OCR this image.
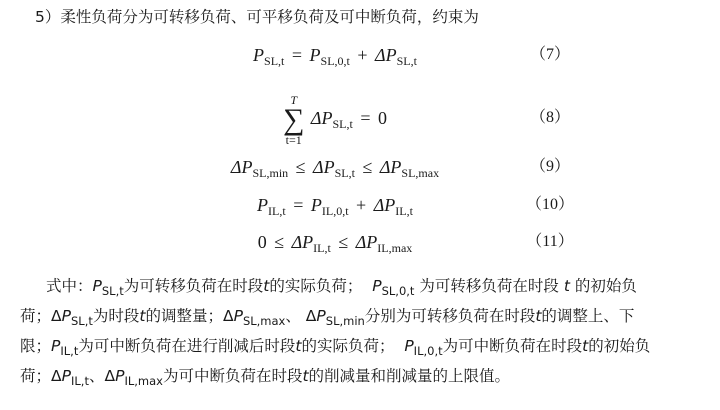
5）柔性负荷分为可转移负荷、可平移负荷及可中断负荷，约束为
$P_{SL,t} = P_{SL,0,t} + \Delta P_{SL,t}$	（7）
T
∑
t=1
$\Delta P_{SL,t} = 0$	（8）
$\Delta P_{SL,min} \le \Delta P_{SL,t} \le \Delta P_{SL,max}$	（9）
$P_{IL,t} = P_{IL,0,t} + \Delta P_{IL,t}$	（10）
$0 \le \Delta P_{IL,t} \le \Delta P_{IL,max}$	（11）

式中：$P_{SL,t}$为可转移负荷在时段t的实际负荷； $P_{SL,0,t}$ 为可转移负荷在时段 t 的初始负

荷；$\Delta P_{SL,t}$为时段t的调整量；$\Delta P_{SL,max}$、 $\Delta P_{SL,min}$分别为可转移负荷在时段t的调整上、下

限；$P_{IL,t}$为可中断负荷在进行削减后时段t的实际负荷； $P_{IL,0,t}$为可中断负荷在时段t的初始负

荷；$\Delta P_{IL,t}$、$\Delta P_{IL,max}$为可中断负荷在时段t的削减量和削减量的上限值。
